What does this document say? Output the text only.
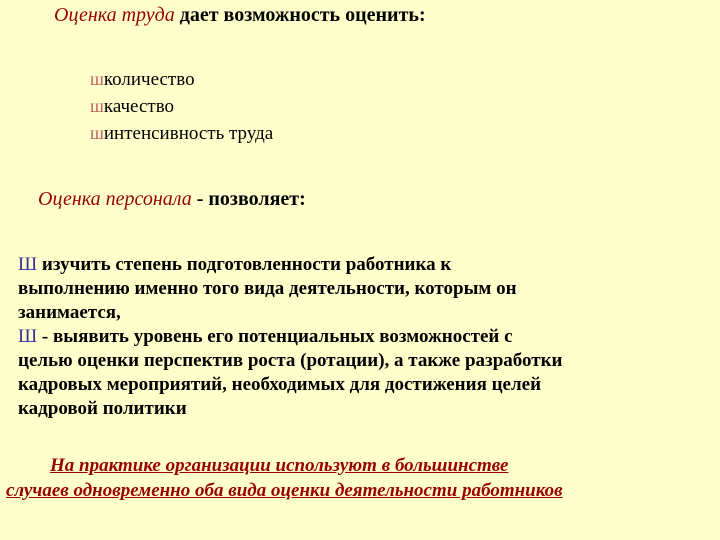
Оценка труда дает возможность оценить:
ш количество
ш качество
ш интенсивность труда
Оценка персонала - позволяет:
Ш изучить степень подготовленности работника к
выполнению именно того вида деятельности, которым он
занимается,
Ш - выявить уровень его потенциальных возможностей с
целью оценки перспектив роста (ротации), а также разработки
кадровых мероприятий, необходимых для достижения целей
кадровой политики
На практике организации используют в большинстве
случаев одновременно оба вида оценки деятельности работников
